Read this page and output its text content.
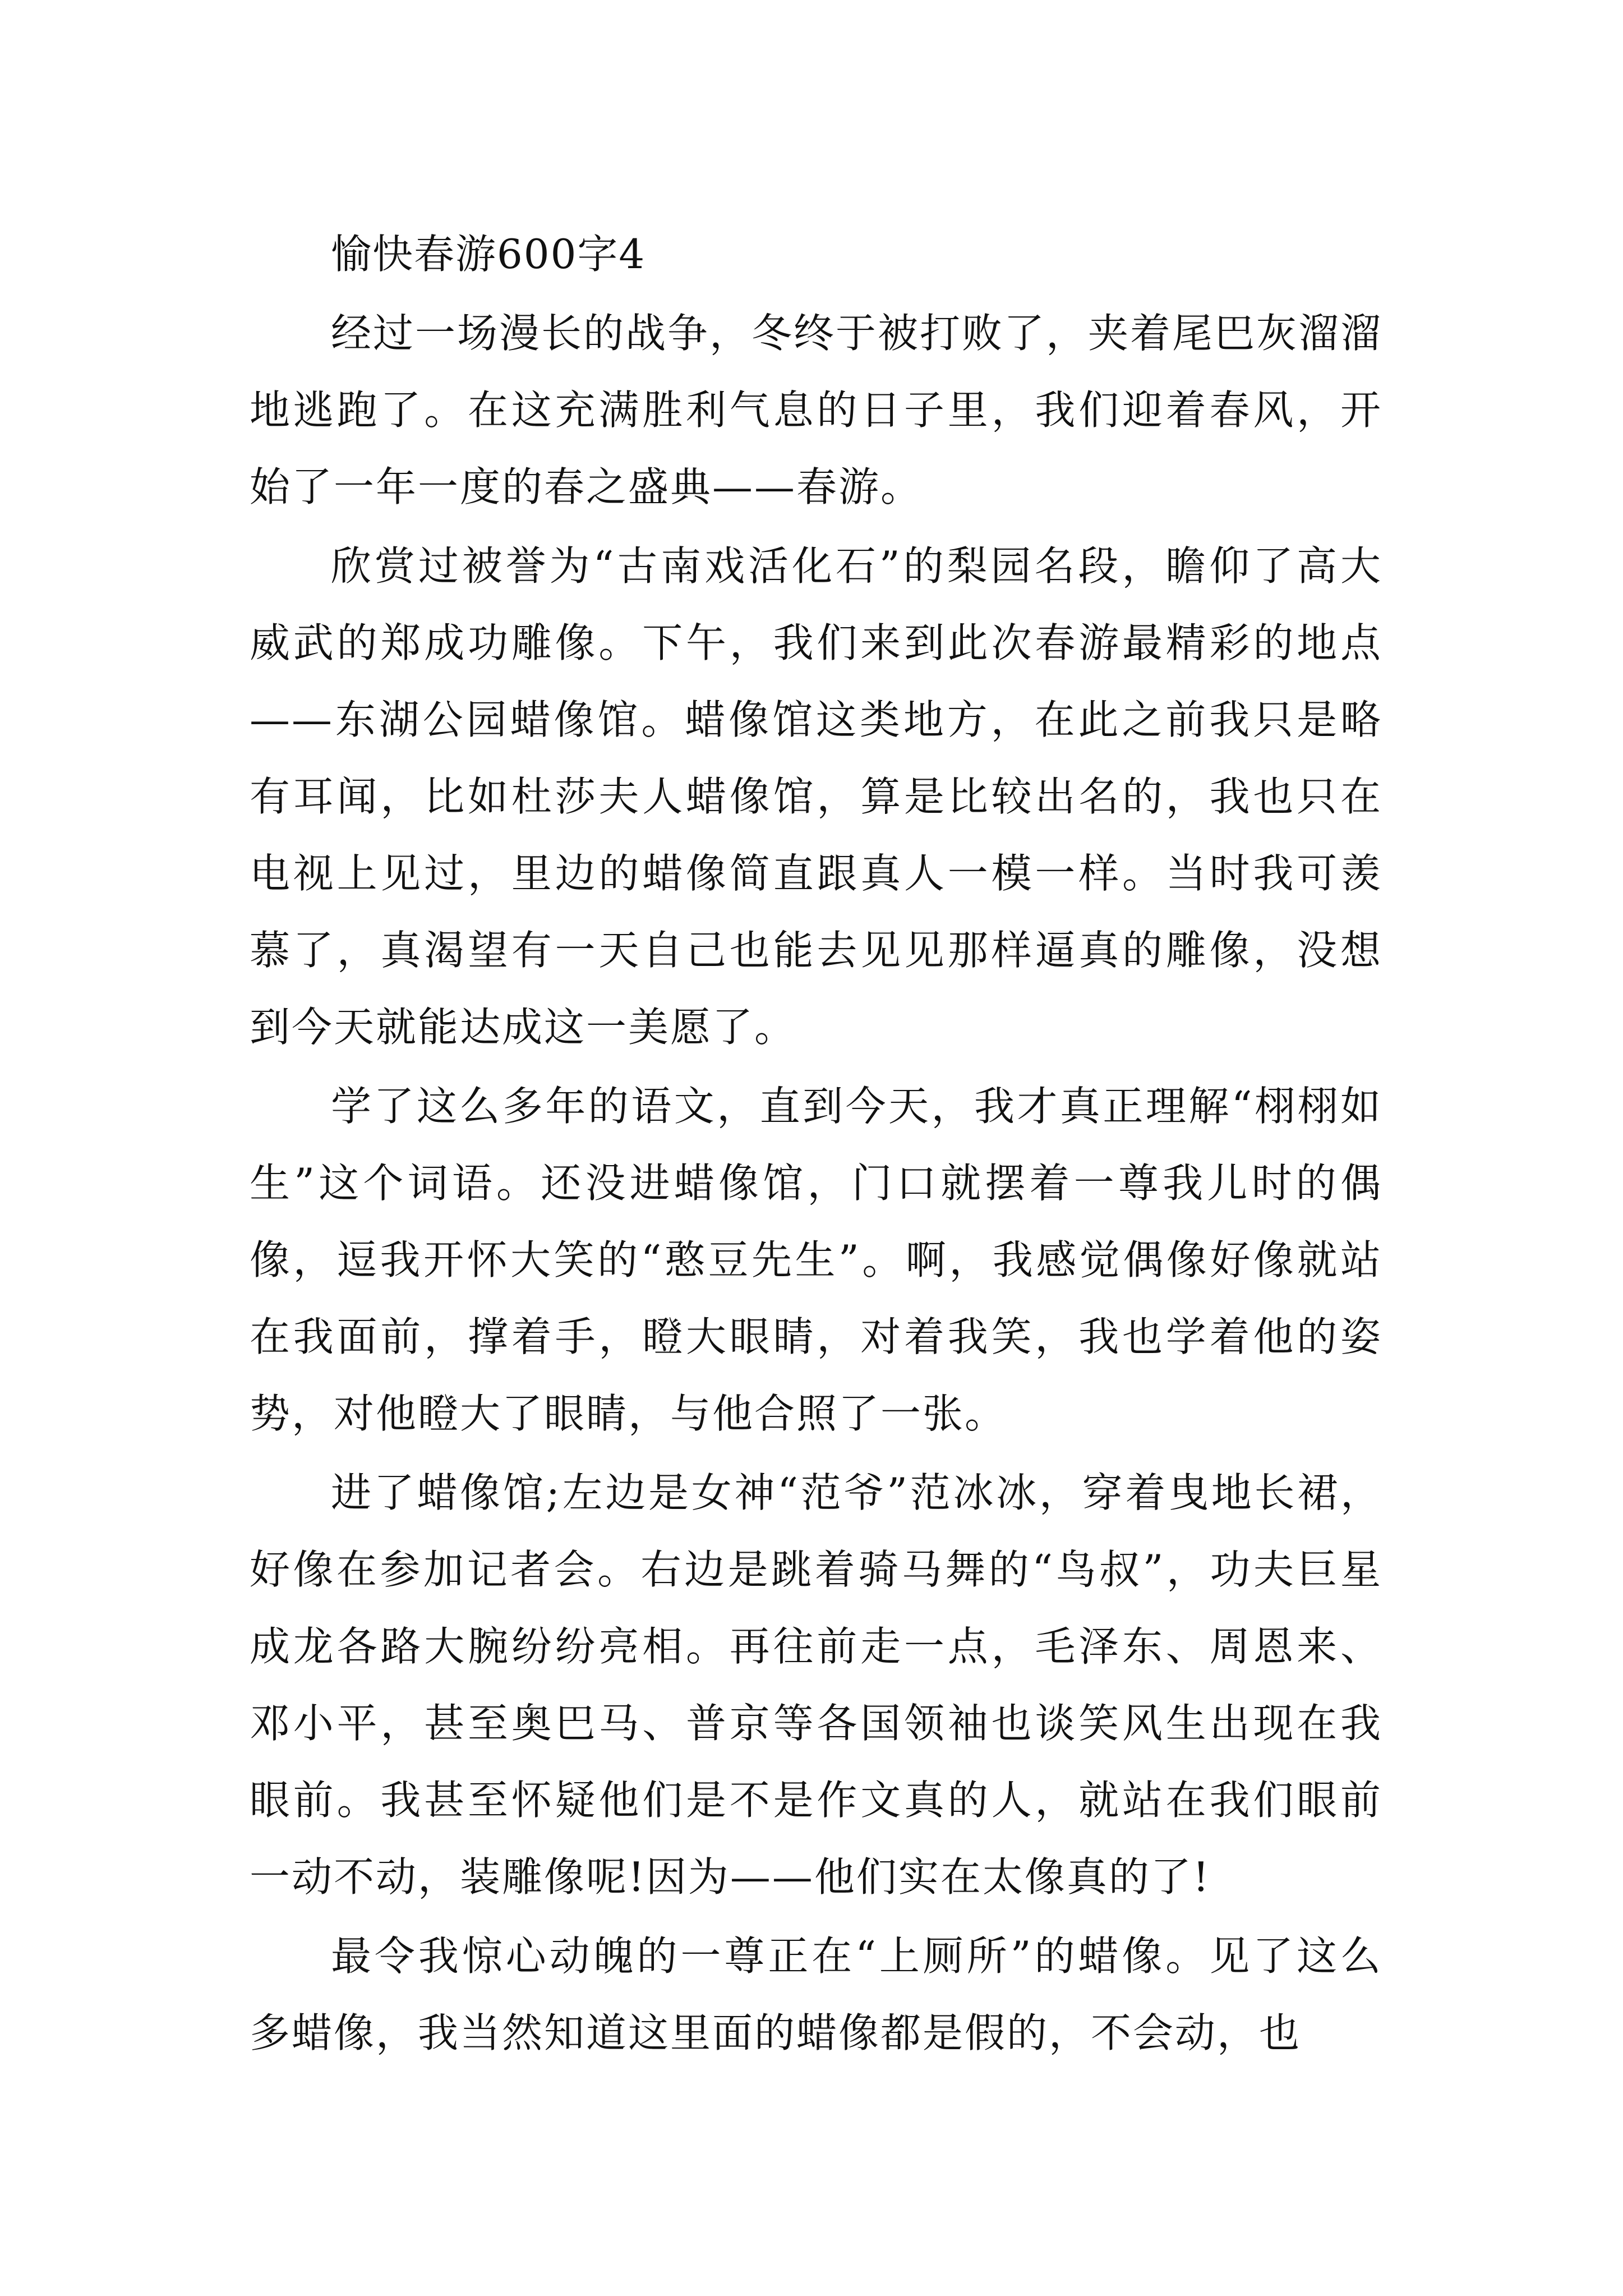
愉快春游600字4

经过一场漫长的战争，冬终于被打败了，夹着尾巴灰溜溜地逃跑了。在这充满胜利气息的日子里，我们迎着春风，开始了一年一度的春之盛典——春游。

欣赏过被誉为“古南戏活化石”的梨园名段，瞻仰了高大威武的郑成功雕像。下午，我们来到此次春游最精彩的地点——东湖公园蜡像馆。蜡像馆这类地方，在此之前我只是略有耳闻，比如杜莎夫人蜡像馆，算是比较出名的，我也只在电视上见过，里边的蜡像简直跟真人一模一样。当时我可羡慕了，真渴望有一天自己也能去见见那样逼真的雕像，没想到今天就能达成这一美愿了。

学了这么多年的语文，直到今天，我才真正理解“栩栩如生”这个词语。还没进蜡像馆，门口就摆着一尊我儿时的偶像，逗我开怀大笑的“憨豆先生”。啊，我感觉偶像好像就站在我面前，撑着手，瞪大眼睛，对着我笑，我也学着他的姿势，对他瞪大了眼睛，与他合照了一张。

进了蜡像馆;左边是女神“范爷”范冰冰，穿着曳地长裙，好像在参加记者会。右边是跳着骑马舞的“鸟叔”，功夫巨星成龙各路大腕纷纷亮相。再往前走一点，毛泽东、周恩来、邓小平，甚至奥巴马、普京等各国领袖也谈笑风生出现在我眼前。我甚至怀疑他们是不是作文真的人，就站在我们眼前一动不动，装雕像呢!因为——他们实在太像真的了!

最令我惊心动魄的一尊正在“上厕所”的蜡像。见了这么多蜡像，我当然知道这里面的蜡像都是假的，不会动，也
